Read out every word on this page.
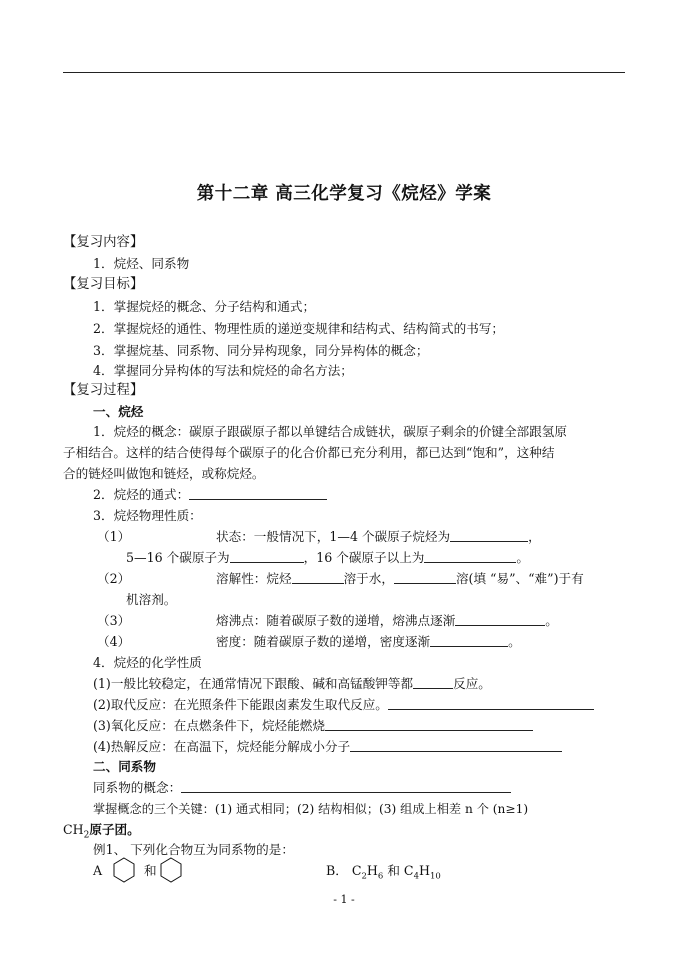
第十二章 高三化学复习《烷烃》学案
【复习内容】
1．烷烃、同系物
【复习目标】
1．掌握烷烃的概念、分子结构和通式；
2．掌握烷烃的通性、物理性质的递逆变规律和结构式、结构简式的书写；
3．掌握烷基、同系物、同分异构现象，同分异构体的概念；
4．掌握同分异构体的写法和烷烃的命名方法；
【复习过程】
一、烷烃
1．烷烃的概念：碳原子跟碳原子都以单键结合成链状，碳原子剩余的价键全部跟氢原
子相结合。这样的结合使得每个碳原子的化合价都已充分利用，都已达到“饱和”，这种结
合的链烃叫做饱和链烃，或称烷烃。
2．烷烃的通式：
3．烷烃物理性质：
（1）	状态：一般情况下，1—4 个碳原子烷烃为	，
5—16 个碳原子为	，16 个碳原子以上为	。
（2）	溶解性：烷烃	溶于水，	溶(填 “易”、“难”)于有
机溶剂。
（3）	熔沸点：随着碳原子数的递增，熔沸点逐渐	。
（4）	密度：随着碳原子数的递增，密度逐渐	。
4．烷烃的化学性质
(1)一般比较稳定，在通常情况下跟酸、碱和高锰酸钾等都	反应。
(2)取代反应：在光照条件下能跟卤素发生取代反应。
(3)氧化反应：在点燃条件下，烷烃能燃烧
(4)热解反应：在高温下，烷烃能分解成小分子
二、同系物
同系物的概念：
掌握概念的三个关键：(1) 通式相同；(2) 结构相似；(3) 组成上相差 n 个 (n≥1)
$CH_2$原子团。
例1、 下列化合物互为同系物的是：
A	和	B． $C_2H_6$ 和 $C_4H_{10}$
- 1 -
